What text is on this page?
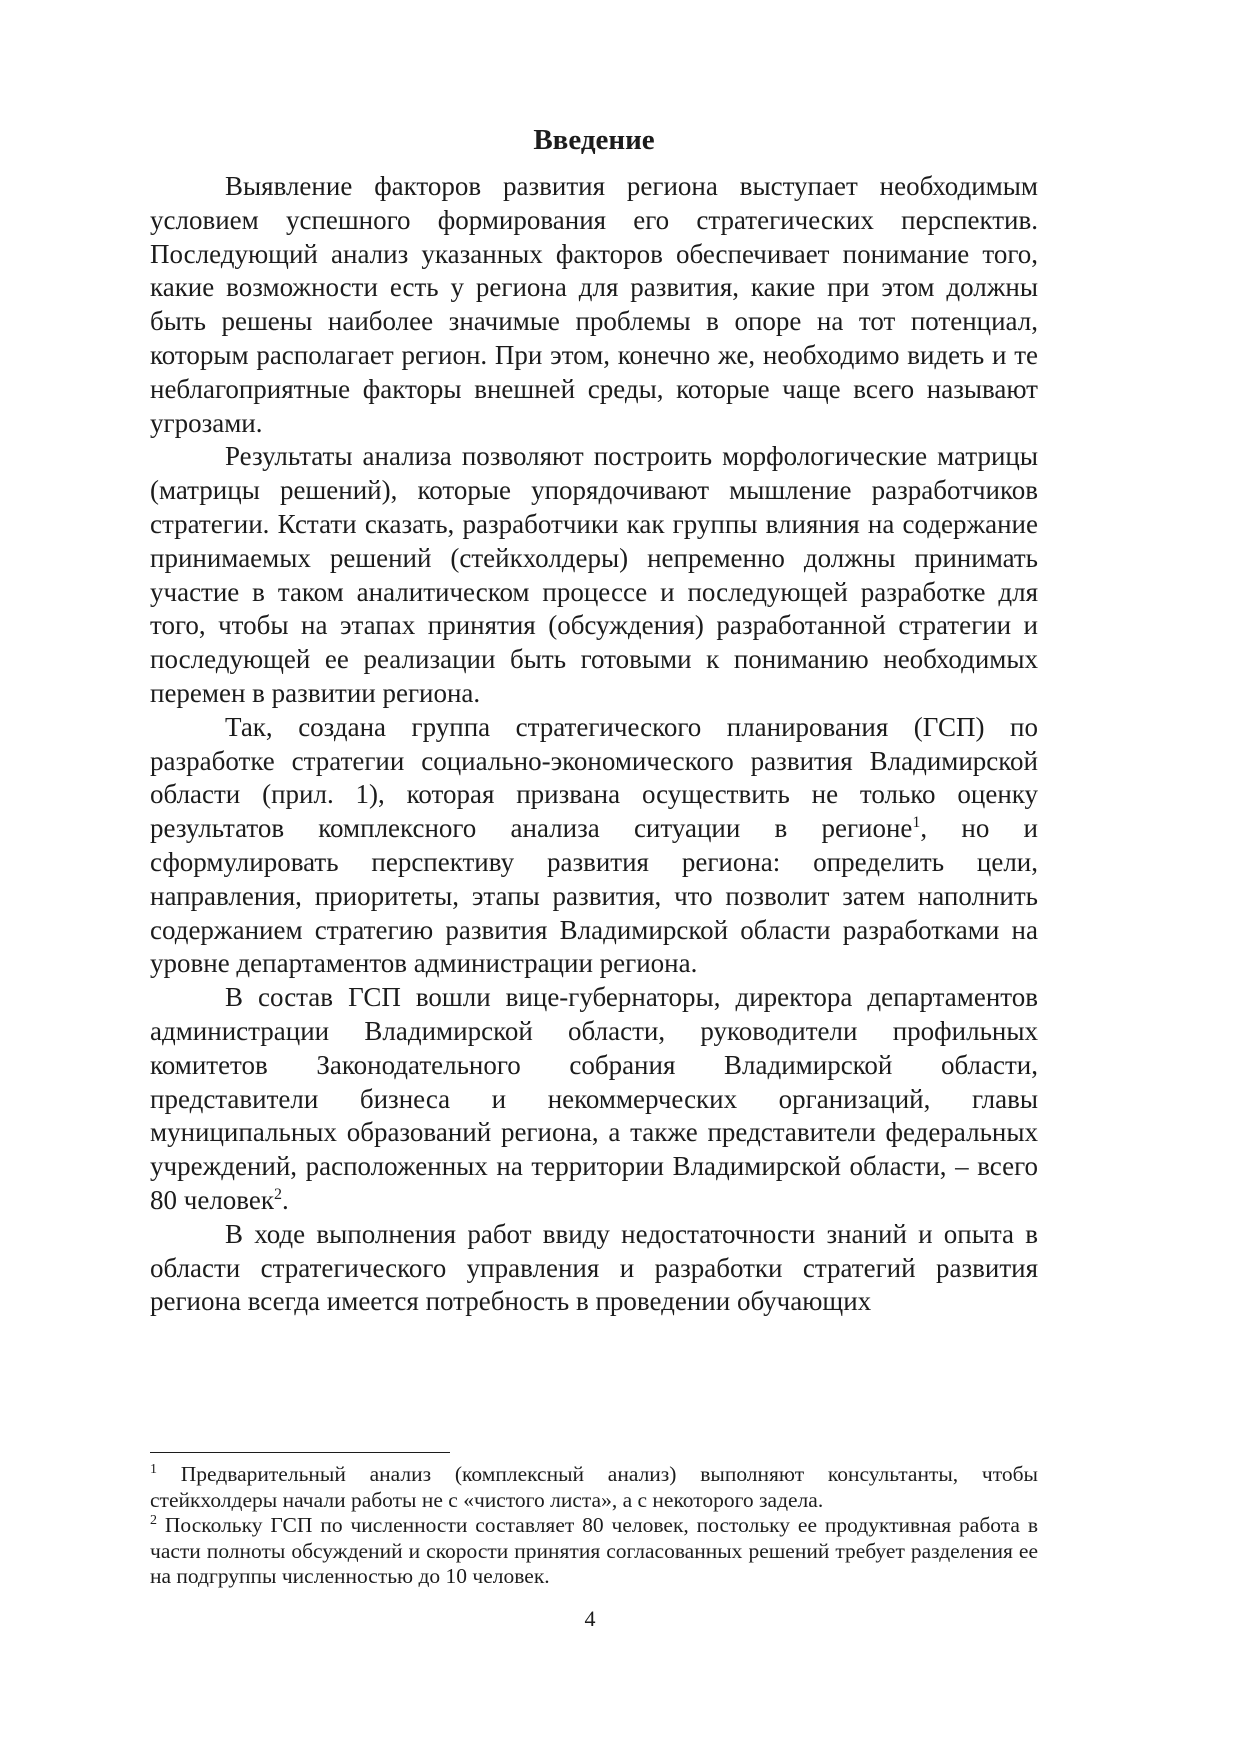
Введение

Выявление факторов развития региона выступает необходимым условием успешного формирования его стратегических перспектив. Последующий анализ указанных факторов обеспечивает понимание того, какие возможности есть у региона для развития, какие при этом должны быть решены наиболее значимые проблемы в опоре на тот потенциал, которым располагает регион. При этом, конечно же, необходимо видеть и те неблагоприятные факторы внешней среды, которые чаще всего называют угрозами.

Результаты анализа позволяют построить морфологические матрицы (матрицы решений), которые упорядочивают мышление разработчиков стратегии. Кстати сказать, разработчики как группы влияния на содержание принимаемых решений (стейкхолдеры) непременно должны принимать участие в таком аналитическом процессе и последующей разработке для того, чтобы на этапах принятия (обсуждения) разработанной стратегии и последующей ее реализации быть готовыми к пониманию необходимых перемен в развитии региона.

Так, создана группа стратегического планирования (ГСП) по разработке стратегии социально-экономического развития Владимирской области (прил. 1), которая призвана осуществить не только оценку результатов комплексного анализа ситуации в регионе$^1$, но и сформулировать перспективу развития региона: определить цели, направления, приоритеты, этапы развития, что позволит затем наполнить содержанием стратегию развития Владимирской области разработками на уровне департаментов администрации региона.

В состав ГСП вошли вице-губернаторы, директора департаментов администрации Владимирской области, руководители профильных комитетов Законодательного собрания Владимирской области, представители бизнеса и некоммерческих организаций, главы муниципальных образований региона, а также представители федеральных учреждений, расположенных на территории Владимирской области, – всего 80 человек$^2$.

В ходе выполнения работ ввиду недостаточности знаний и опыта в области стратегического управления и разработки стратегий развития региона всегда имеется потребность в проведении обучающих

$^1$ Предварительный анализ (комплексный анализ) выполняют консультанты, чтобы стейкхолдеры начали работы не с «чистого листа», а с некоторого задела.

$^2$ Поскольку ГСП по численности составляет 80 человек, постольку ее продуктивная работа в части полноты обсуждений и скорости принятия согласованных решений требует разделения ее на подгруппы численностью до 10 человек.

4
